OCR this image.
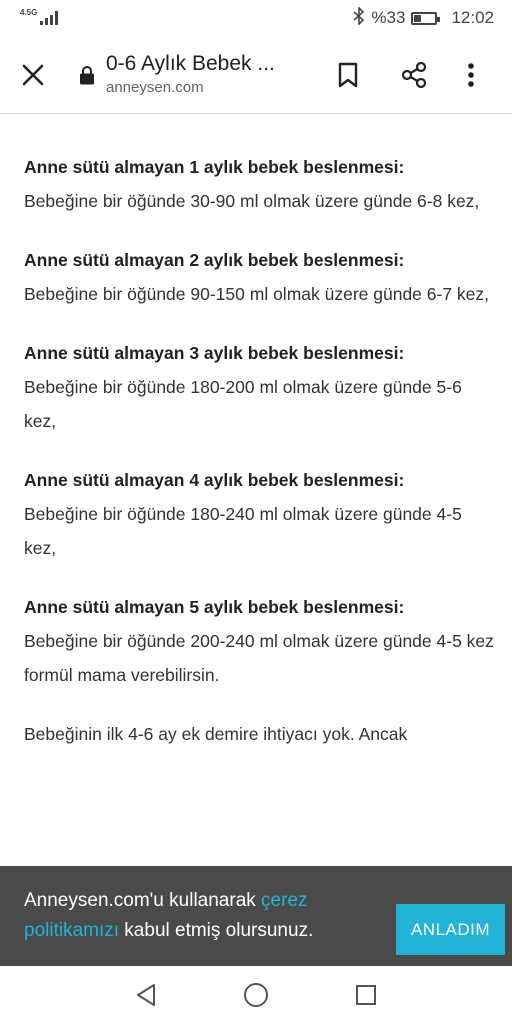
4.5G	%33	12:02
0-6 Aylık Bebek ...
anneysen.com
Anne sütü almayan 1 aylık bebek beslenmesi:
Bebeğine bir öğünde 30-90 ml olmak üzere günde 6-8 kez,
Anne sütü almayan 2 aylık bebek beslenmesi:
Bebeğine bir öğünde 90-150 ml olmak üzere günde 6-7 kez,
Anne sütü almayan 3 aylık bebek beslenmesi:
Bebeğine bir öğünde 180-200 ml olmak üzere günde 5-6 kez,
Anne sütü almayan 4 aylık bebek beslenmesi:
Bebeğine bir öğünde 180-240 ml olmak üzere günde 4-5 kez,
Anne sütü almayan 5 aylık bebek beslenmesi:
Bebeğine bir öğünde 200-240 ml olmak üzere günde 4-5 kez formül mama verebilirsin.
Bebeğinin ilk 4-6 ay ek demire ihtiyacı yok. Ancak
Anneysen.com'u kullanarak çerez politikamızı kabul etmiş olursunuz.	ANLADIM
